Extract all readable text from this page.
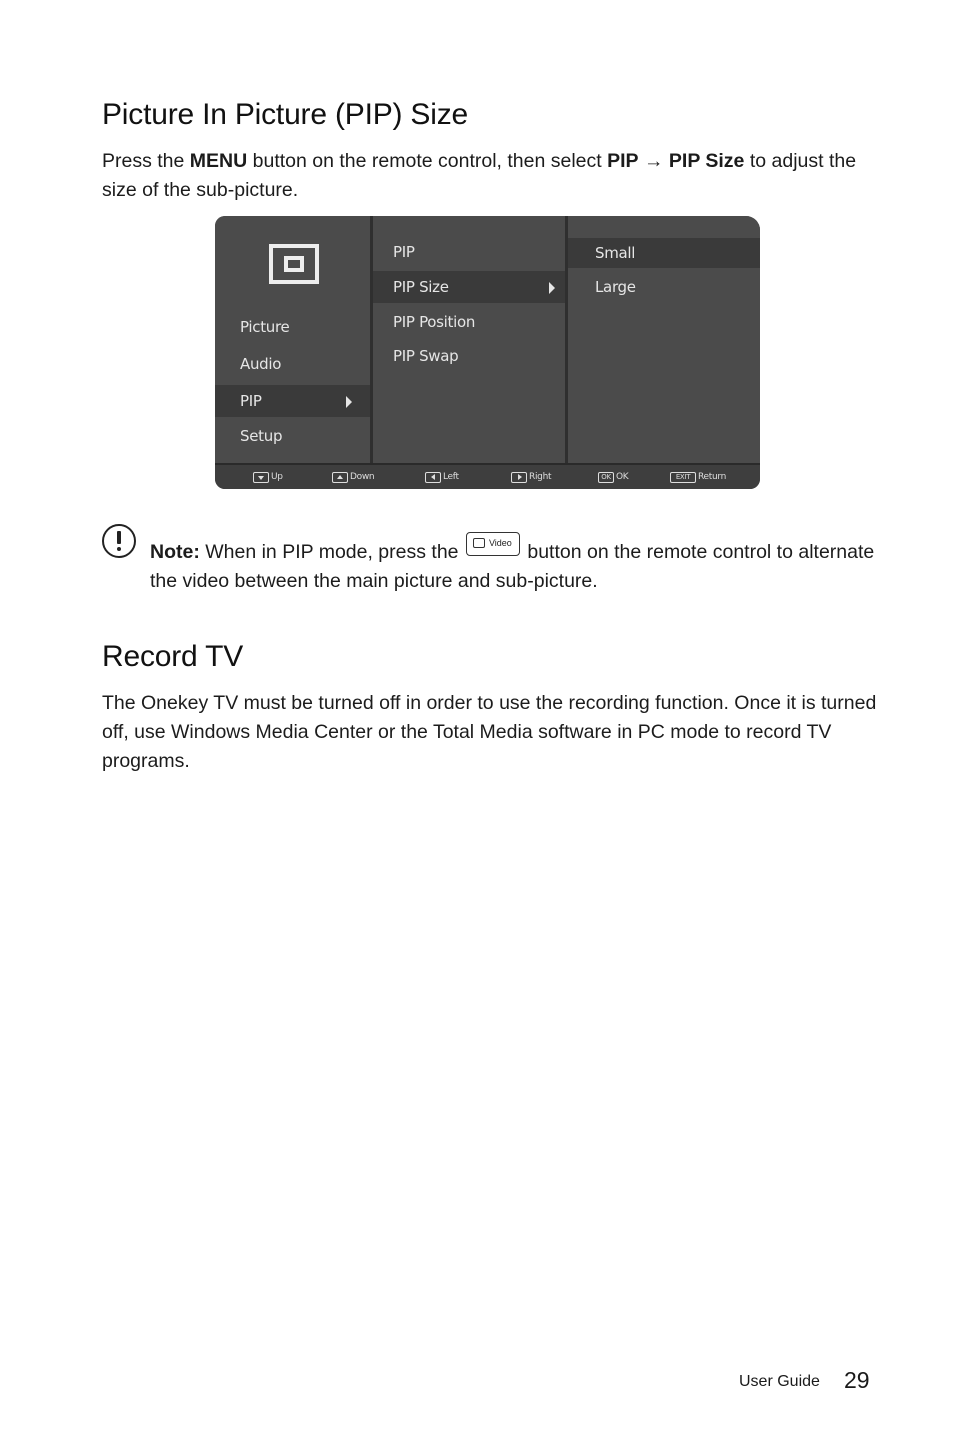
Picture In Picture (PIP) Size

Press the MENU button on the remote control, then select PIP → PIP Size to adjust the size of the sub-picture.

Picture
Audio
PIP
Setup
PIP
PIP Size
PIP Position
PIP Swap
Small
Large
Up	Down	Left	Right	OK OK	EXIT Return

Note: When in PIP mode, press the	Video button on the remote control to alternate the video between the main picture and sub-picture.

Record TV

The Onekey TV must be turned off in order to use the recording function. Once it is turned off, use Windows Media Center or the Total Media software in PC mode to record TV programs.

User Guide 29
